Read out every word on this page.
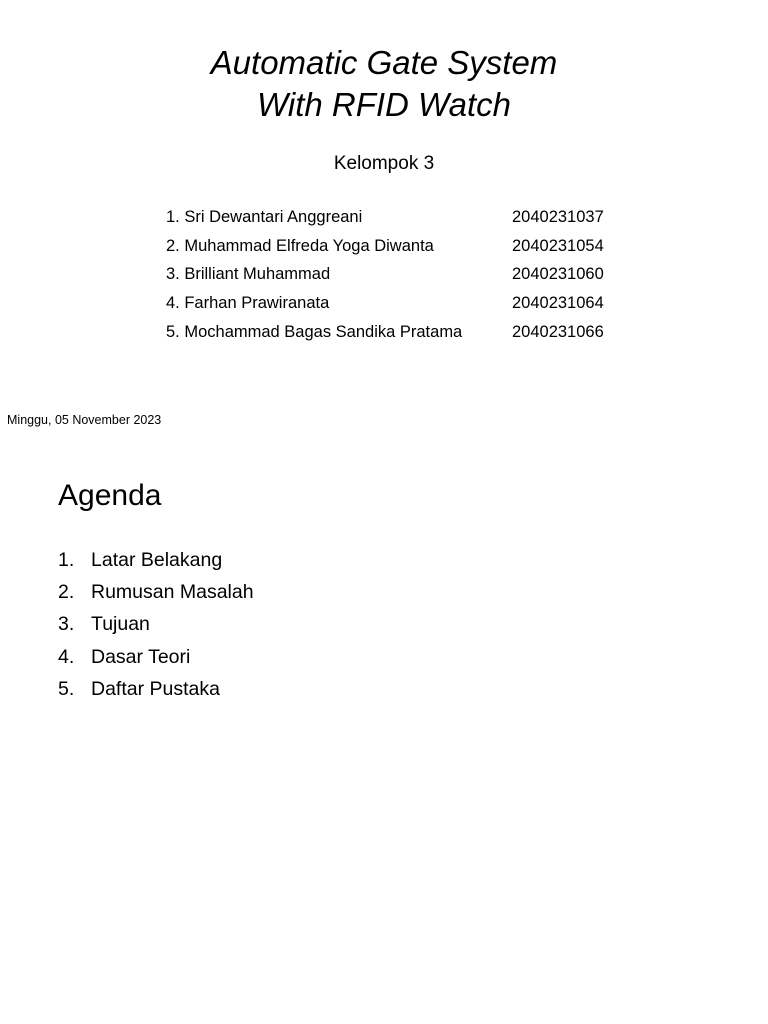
Automatic Gate System
With RFID Watch
Kelompok 3
1. Sri Dewantari Anggreani	2040231037
2. Muhammad Elfreda Yoga Diwanta	2040231054
3. Brilliant Muhammad	2040231060
4. Farhan Prawiranata	2040231064
5. Mochammad Bagas Sandika Pratama	2040231066
Minggu, 05 November 2023
Agenda
1. Latar Belakang
2. Rumusan Masalah
3. Tujuan
4. Dasar Teori
5. Daftar Pustaka
